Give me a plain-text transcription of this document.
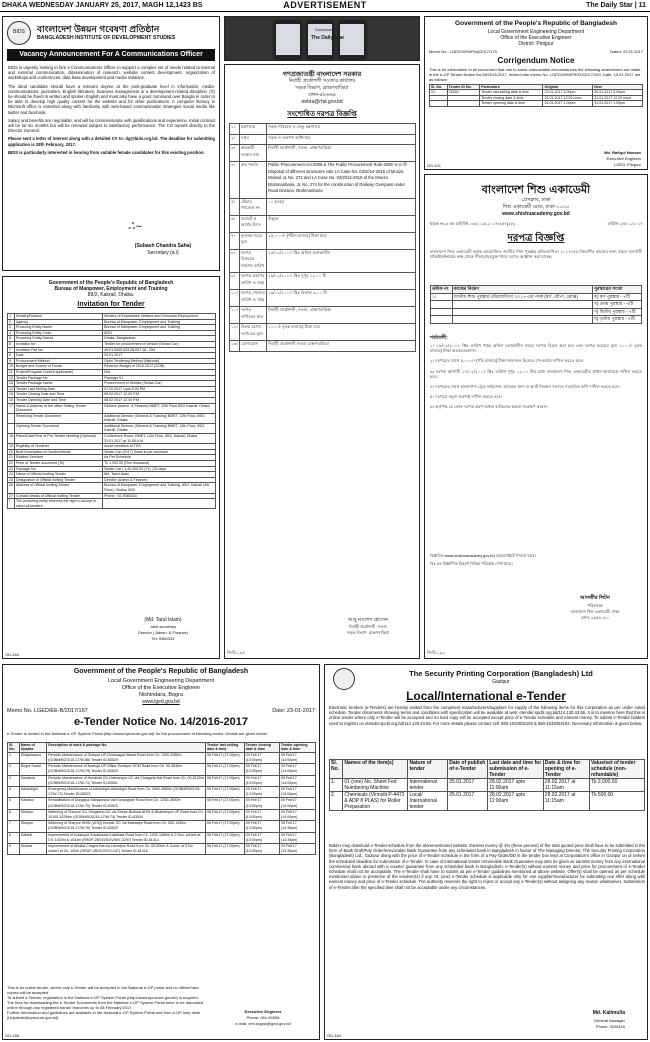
DHAKA WEDNESDAY JANUARY 25, 2017, MAGH 12,1423 BS	ADVERTISEMENT	The Daily Star | 11
BIDS	বাংলাদেশ উন্নয়ন গবেষণা প্রতিষ্ঠান
BANGLADESH INSTITUTE OF DEVELOPMENT STUDIES
Vacancy Announcement For A Communications Officer

BIDS is urgently looking to hire a Communications Officer to support a complex set of needs related to internal and external communication, dissemination of research, website content development, organization of workshops and conferences, data base development and media relations.

The ideal candidate should have a relevant degree at the post-graduate level in information, media-communications, journalism, English literature, business management or a development related discipline. (S) he should be fluent in written and spoken English and must also have a good command over Bangla in order to be able to develop high quality content for the website and for other publications. A computer literacy in Microsoft office is essential along with familiarity with web-based communication strategies social media like twitter and facebook.

Salary and benefits are negotiable, and will be commensurate with qualifications and experience. Initial contract will be for six months but will be renewed subject to satisfactory performance. The CO reports directly to the Director General.

Please sent a letter of interest along with a detailed CV to: dg@bids.org.bd. The deadline for submitting application is 28th February, 2017.

BIDS is particularly interested in hearing from suitable female candidates for this existing position.

ஃ~
(Subash Chandra Saha)
Secretary (a.i)
Government of the People's Republic of Bangladesh
Bureau of Manpower, Employment and Training
89/2, Kakrail, Dhaka.
Invitation for Tender
1	Ministry/Division	Ministry of Expatriates' Welfare and Overseas Employment
2	Agency	Bureau of Manpower, Employment and Training
3	Procuring Entity Name	Bureau of Manpower, Employment and Training
4	Procuring Entity Code	8201
5	Procuring Entity District	Dhaka, Bangladesh
6	Invitation for	Tender for procurement of Vehicle (Sedan Car)
7	Invitation Ref No.	49.01.0000.003.28.007.16 - 254
8	Date	23.01.2017
9	Procurement Method	Open Tendering Method (National)
10	Budget and Source of Funds	Revenue Budget of 2016-2017 (GOB)
11	Project/Program Code(if applicable)	N/A
12	Tender Package No	Package 01
13	Tender Package Name	Procurement of Vehicle (Sedan Car)
14	Tender Last Selling Date	07.02.2017 Upto 5.00 PM
15	Tender Closing Date and Time	08.02.2017 12.00 P.M
16	Tender Opening Date and Time	08.02.2017 12.30 P.M
17	Name & Address of the office Selling Tender Document	Director (Admin. & Finance) BMET, 12th Floor 89/2 Kakrail, Dhaka
	Receiving Tender Document	Additional Director (General & Training) BMET, 12th Floor, 89/2, Kakrail, Dhaka
	Opening Tender Document	Additional Director (General & Training) BMET, 12th Floor, 89/2, Kakrail, Dhaka
18	Place/Date/Time of Pre-Tender Meeting (Optional)	Conference Room, BMET, 12th Floor, 89/2, Kakrail, Dhaka 31.01.2017 at 11:00 A.M
19	Eligibility of Tenderer	Acute condition of TDS
20	Brief Description of Goods/Vehicle	Sedan Car (2017) Small in per schedule
21	Related Services	As Per Schedule
22	Price of Tender document (Tk)	Tk 1,000.00 (Five thousand)
23	Package No	Sedan Car | 1,40,000.00 (Tk) | 30 days
24	Name of Official Inviting Tender	Md. Tariul Islam
25	Designation of Official Inviting Tender	Director (Admin & Finance)
26	Address of Official Inviting Tender	Bureau of Manpower, Employment and Training, 89/2, Kakrail (4th Floor), Dhaka-1000
27	Contact details of Official Inviting Tender	Phone : 02-9360334
*	The procuring entity reserves the right to accept or reject all tenders.	
(Md. Tarul Islam)
Joint secretary
Director ( Admin. & Finance)
Tel: 9360334
GD-163
The Daily Star
Download
গণপ্রজাতন্ত্রী বাংলাদেশ সরকার
নির্বাহী প্রকৌশলী সওজ'র কার্যালয়
সড়ক বিভাগ, ব্রাহ্মণবাড়িয়া
ফোন-৫৮৬৬৪
eebra@rhd.gov.bd
সংশোধিত দরপত্র বিজ্ঞপ্তি
১।	মন্ত্রণালয়	সড়ক পরিবহন ও সেতু মন্ত্রণালয়
২।	দপ্তর	সড়ক ও জনপথ অধিদপ্তর
৩।	ক্রয়কারী সংস্থার নাম	নির্বাহী প্রকৌশলী, সওজ, ব্রাহ্মণবাড়িয়া
৪।	ক্রয় পদ্ধতি	Public Procurement Act-2006 & The Public Procurement Rule-2008 অনুযায়ী Disposal of different structures vide LA Case No. 03/2014-2015 of Mouza Moinail JL No. 271 and LA Case No. 04/2014-2015 of the Mouza Brahmanbaria, JL No. 274 for the construction of Railway Overpass under Road Division, Brahmanbaria
৫।	টেন্ডার প্যাকেজ নং	০১ (এক)
৬।	বাজেট ও অর্থের উৎস	উন্মুক্ত
৭।	ন্যূনতম দরের মূল্য	২৫,০০০/- (পঁচিশ হাজার) টাকা মাত্র
৮।	দরপত্র বিক্রয়ের সর্বশেষ তারিখ	১৫/০২/২০১৭ খ্রিঃ অফিস চলাকালীন
৯।	দরপত্র গ্রহণের তারিখ ও সময়	১৬/০২/২০১৭ খ্রিঃ দুপুর ১২.০০ টা
১০।	দরপত্র খোলার তারিখ ও সময়	১৬/০২/২০১৭ খ্রিঃ বিকাল ৩.০০ টা
১১।	দরপত্র দাখিলের স্থান	নির্বাহী প্রকৌশলী, সওজ, ব্রাহ্মণবাড়িয়া
১২।	বিক্রয় যোগ্য দরপত্রের মূল্য	১০০০/- (এক হাজার) টাকা মাত্র
১৩।	যোগাযোগ	নির্বাহী প্রকৌশলী সওজ ব্রাহ্মণবাড়িয়া
আবু নওশেদ হোসেন
নির্বাহী প্রকৌশলী, সওজ
সড়ক বিভাগ, ব্রাহ্মণবাড়িয়া
জিডি-১৯৪
Government of the People's Republic of Bangladesh
Local Government Engineering Department
Office of the Executive Engineer
District: Pirojpur
Memo No.: LGED/XEN/Piroj/2017/175	Dated: 22.01.2017
Corrigendum Notice
This is for information to all concerned that due to some unavoidable circumstances the following amendment are made in the e-GP Tender Notice No.08/2016-2017, invited vide memo No. LGED/XEN/PIROJ/2017/150, Date: 15.01.2017 are as follows:
Sl. No.	Tender ID No.	Particulars	Original	New
01	78260	Tender last selling date & time	23.01.2017 5.00pm	30.01.2017 5.00pm
		Tender closing date & time	24.01.2017 12.00 noon	31.01.2017 12.00 noon
		Tender opening date & time	24.01.2017 1.00pm	31.01.2017 1.00pm
Md. Rafiqul Hassan
Executive Engineer
LGED, Pirojpur
GD-191
বাংলাদেশ শিশু একাডেমী
প্রেসক্লাব, ঢাকা
শিশু একাডেমী রোড, ঢাকা-১০০০
www.shishuacademy.gov.bd
স্মারক নং-৩ এম ৫/বিবিধ-০৩/২০১৬-২০১৭/৩৫৭(২৮)	তারিখ: ২৪/০১/২০১৭
দরপত্র বিজ্ঞপ্তি
বাংলাদেশ শিশু একাডেমী কর্তৃক আয়োজিত জাতীয় শিশু পুরস্কার প্রতিযোগিতা ২০১৭-এর নিম্নবর্ণিত কাজের জন্য প্রকৃত ব্যবসায়ী প্রতিষ্ঠান/ফার্মের কাছ থেকে সীলমোহরযুক্ত খামে দরপত্র আহ্বান করা যাচ্ছে।
ক্রমিক নং	কাজের বিবরণ	পুরস্কারের সংখ্যা
১।	জাতীয় শিশু পুরস্কার প্রতিযোগিতা ২০১৭-এর পদক (স্বর্ণ, রৌপ্য, ব্রোঞ্জ)	ক) স্বর্ণ পুরস্কার - ৭টি
		খ) প্রথম পুরস্কার - ৭টি
		গ) দ্বিতীয় পুরস্কার - ৭টি
		ঘ) তৃতীয় পুরস্কার - ৭টি
শর্তাবলী:

১। ১৬/০২/২০১৭ খ্রিঃ তারিখ পর্যন্ত অফিস চলাকালীন সময়ে দরপত্র বিক্রয় করা হবে এবং দরপত্র ফরমের মূল্য ১০০০/- (এক হাজার) টাকা অফেরতযোগ্য।

২। দরপত্রের সাথে ৫,০০০/- (পাঁচ হাজার) টাকা জামানত হিসেবে পে-অর্ডার দাখিল করতে হবে।

৩। দরপত্র আগামী ১৭/০২/২০১৭ খ্রিঃ তারিখ দুপুর ১২.০০ টার মধ্যে বাংলাদেশ শিশু একাডেমীর প্রধান কার্যালয়ে দাখিল করতে হবে।

৪। দরপত্রের সাথে হালনাগাদ ট্রেড লাইসেন্স, আয়কর সনদ ও ভ্যাট নিবন্ধন সনদের সত্যায়িত কপি দাখিল করতে হবে।

৫। দরপত্রে নমুনা অবশ্যই দাখিল করতে হবে।

৬। কর্তৃপক্ষ যে কোন দরপত্র গ্রহণ অথবা বাতিলের ক্ষমতা সংরক্ষণ করেন।

বিস্তারিত www.shishuacademy.gov.bd ওয়েবসাইটে পাওয়া যাবে।
বিঃ দ্রঃ বিজ্ঞাপিত বিবরণ বিভিন্ন পত্রিকায় দেখা যাবে।
আনজীর লিটন
পরিচালক
বাংলাদেশ শিশু একাডেমী, ঢাকা
ফোন: ৯৫৫৮১৮১
জিডি-১৯২
Government of the People's Republic of Bangladesh
Local Government Engineering Department
Office of the Executive Engineer
Nishindara, Bogra
www.lged.gov.bd
Memo No. LGED/EE-B/2017/157	Date: 23-01-2017
e-Tender Notice No. 14/2016-2017
e-Tender is invited in the National e-GP System Portal (http://www.eprocure.gov.bd) for the procurement of following works. Details are given below:
Sl. No.	Name of Upazila	Description of work & package No.	Tender last selling date & time	Tender closing date & time	Tender opening date & time
1	Shajahanpur	Periodic Maintenance of Shibpur UP-Dominagari Bazar Road from Ch. 1300-4380m (GOBM/BOG/16-17/W-86) Tender ID-83529	08 Feb17 (17:00pm)	09 Feb'17 (13:00pm)	09 Feb'17 (14:00pm)
2	Bogra Sadar	Periodic Maintenance of Namuja UP Office-Tirazipur GCM Road from Ch. 00-2840m (GOBM/BOG/16-17/W-79) Tender ID-83520	08 Feb17 (17:00pm)	09 Feb'17 (13:00pm)	09 Feb'17 (14:00pm)
3	Sonatola	Periodic Maintenance of Horidhali GC-Hatsherpur GC via Chaigaria Hat Road from Ch. 00-5125m (GOBM/BOG/16-17/W-71) Tender ID-83501	08 Feb17 (17:00pm)	09 Feb'17 (13:00pm)	09 Feb'17 (14:00pm)
4	Adamdighi	Emergency Maintenance of Adamdighi-Alamdighi Road from Ch. 2800-3960m (GOBM/BOG/16-17/W-73) Tender ID-83523	08 Feb17 (17:00pm)	09 Feb'17 (13:00pm)	09 Feb'17 (14:00pm)
5	Kahaloo	Rehabilitation of Durgapur-Narayanpur via Kundogram Road from Ch. 1250-2500m (GOBM/BOG/16-17/W-75) Tender ID-83520	08 Feb17 (17:00pm)	09 Feb'17 (13:00pm)	09 Feb'17 (14:00pm)
6	Sherpur	Widening of Sherpur GC-Simgacho GC via Shiraz-Bulbula NHW & Bhabanipur UP Road from Ch. 10100-12256m (GOBM/BOG/16-17/W-74) Tender ID-83534	08 Feb17 (17:00pm)	09 Feb'17 (13:00pm)	09 Feb'17 (14:00pm)
7	Sherpur	Widening of Sherpur NHW (UHQ)-Kundar GC via Matradpu Road from Ch. 500-1190m (GOBM/BOG/16-17/W-76) Tender ID-83529	08 Feb17 (17:00pm)	09 Feb'17 (13:00pm)	09 Feb'17 (14:30pm)
8	Gabtoli	Improvement of Kolakupa Sukatbazar-Kaletbala Road from Ch. 1000-1380m & 2 Nos. culvert at Ch. 1020m & 1043m (RRDP-2BOG/GOV/597-3297) Tender ID-81414	08 Feb17 (17:00pm)	09 Feb'17 (13:00pm)	09 Feb'17 (14:30pm)
9	Dhunat	Improvement of Alhaba-Chayra Hat via Laxmipur Road from Ch. 00-500m & Const. of 5 No. culvert at Ch. 150m (RRDP-2BOG/GOV-147) Tender ID-81416	08 Feb17 (17:00pm)	09 Feb'17 (13:00pm)	09 Feb'17 (14:30pm)

This is an online tender, where only e-Tender will be accepted in the National e-GP portal and no offline/hard copies will be accepted.

To submit e-Tender, registration in the National e-GP System Portal (http://www.eprocure.gov.bd) is required.

The fees for downloading the e-Tender Documents from the National e-GP System Portal have to be deposited online through any registered banks' branches up to 08 February'2017.

Further information and guidelines are available in the National e-GP System Portal and from e-GP help desk (helpdesk@eprocure.gov.bd).

Executive Engineer
Phone: 051-69306
e-mail: xen.bogra@lged.gov.bd
GD-188
The Security Printing Corporation (Bangladesh) Ltd
Gazipur
Local/International e-Tender
Electronic tenders (e-Tenders) are hereby invited from the competent manufacturers/suppliers for supply of the following items for this Corporation as per under noted schedule. Tender documents showing terms and conditions with specification will be available at web: etender.spcbl.org.bd/114.130.43.56. It is to mention here that this is online tender where only e-Tender will be accepted and no hard copy will be accepted except price of e-Tender schedule and earnest money. To submit e-Tender bidders need to register on etender.spcbl.org.bd/114.130.43.56. For more details please contact cell: 880-1534002183 & 880-1534002184. Necessary information is given below:
Sl. No.	Names of the item(s)	Nature of tender	Date of publish of e-Tender	Last date and time for submission of e-Tender	Date & time for opening of e-Tender	Value/set of tender schedule (non-refundable)
1.	01 (one) No. Sheet Fed Numbering Machine	International tender	25.01.2017	28.02.2017 upto 11:00am	28.02.2017 at 11:15am	Tk 2,000.00
2.	Chemicals (Vinnolit P-4472 & ADP 8 PLAS) for Roller Preparation	Local/ International tender	25.01.2017	28.02.2017 upto 11:00am	28.02.2017 at 11:15am	Tk 500.00
Bidder may download e-Tender schedule from the aforementioned website. Earnest money @ 3% (three percent) of the total quoted price shall have to be submitted in the form of Bank Draft/Pay Order/Irrevocable Bank Guarantee from any scheduled bank in Bangladesh in favour of The Managing Director, The Security Printing Corporation (Bangladesh) Ltd., Gazipur along with the price of e-Tender schedule in the form of a Pay-Order/DD in the tender box kept at Corporation's office in Gazipur on or before the scheduled deadline for submission of e-Tender. In case of international tender Irrevocable Bank Guarantee may also be given as earnest money from any international commercial bank abroad with a counter guarantee from any scheduled bank in Bangladesh. e-Tender(s) without earnest money and price for procurement of e-Tender schedule shall not be acceptable. The e-Tender shall have to submit as per e-Tender guidelines mentioned at above website. Offer(s) shall be opened as per schedule mentioned above in presence of the tenderer(s) if any. 01 (one) e-Tender schedule is applicable only for one supplier/manufacturer for submitting one offer along with earnest money and price of e-Tender schedule. The authority reserves the right to reject or accept any e-Tender(s) without assigning any reason whatsoever. Submission of e-Tender after the specified time shall not be acceptable under any circumstances.
Md. Kalimulla
General Manager
Phone: 9205116
GD-184
